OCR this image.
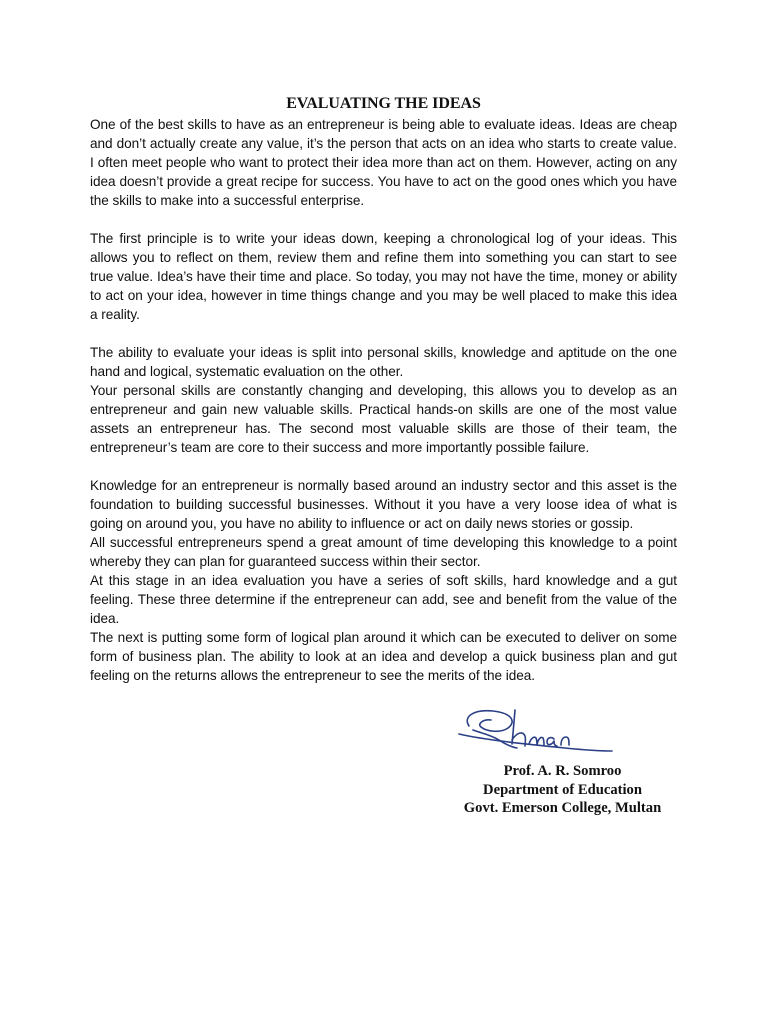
EVALUATING THE IDEAS

One of the best skills to have as an entrepreneur is being able to evaluate ideas. Ideas are cheap and don’t actually create any value, it’s the person that acts on an idea who starts to create value. I often meet people who want to protect their idea more than act on them. However, acting on any idea doesn’t provide a great recipe for success. You have to act on the good ones which you have the skills to make into a successful enterprise.

The first principle is to write your ideas down, keeping a chronological log of your ideas. This allows you to reflect on them, review them and refine them into something you can start to see true value. Idea’s have their time and place. So today, you may not have the time, money or ability to act on your idea, however in time things change and you may be well placed to make this idea a reality.

The ability to evaluate your ideas is split into personal skills, knowledge and aptitude on the one hand and logical, systematic evaluation on the other.

Your personal skills are constantly changing and developing, this allows you to develop as an entrepreneur and gain new valuable skills. Practical hands-on skills are one of the most value assets an entrepreneur has. The second most valuable skills are those of their team, the entrepreneur’s team are core to their success and more importantly possible failure.

Knowledge for an entrepreneur is normally based around an industry sector and this asset is the foundation to building successful businesses. Without it you have a very loose idea of what is going on around you, you have no ability to influence or act on daily news stories or gossip.

All successful entrepreneurs spend a great amount of time developing this knowledge to a point whereby they can plan for guaranteed success within their sector.

At this stage in an idea evaluation you have a series of soft skills, hard knowledge and a gut feeling. These three determine if the entrepreneur can add, see and benefit from the value of the idea.

The next is putting some form of logical plan around it which can be executed to deliver on some form of business plan. The ability to look at an idea and develop a quick business plan and gut feeling on the returns allows the entrepreneur to see the merits of the idea.

Prof. A. R. Somroo
Department of Education
Govt. Emerson College, Multan
